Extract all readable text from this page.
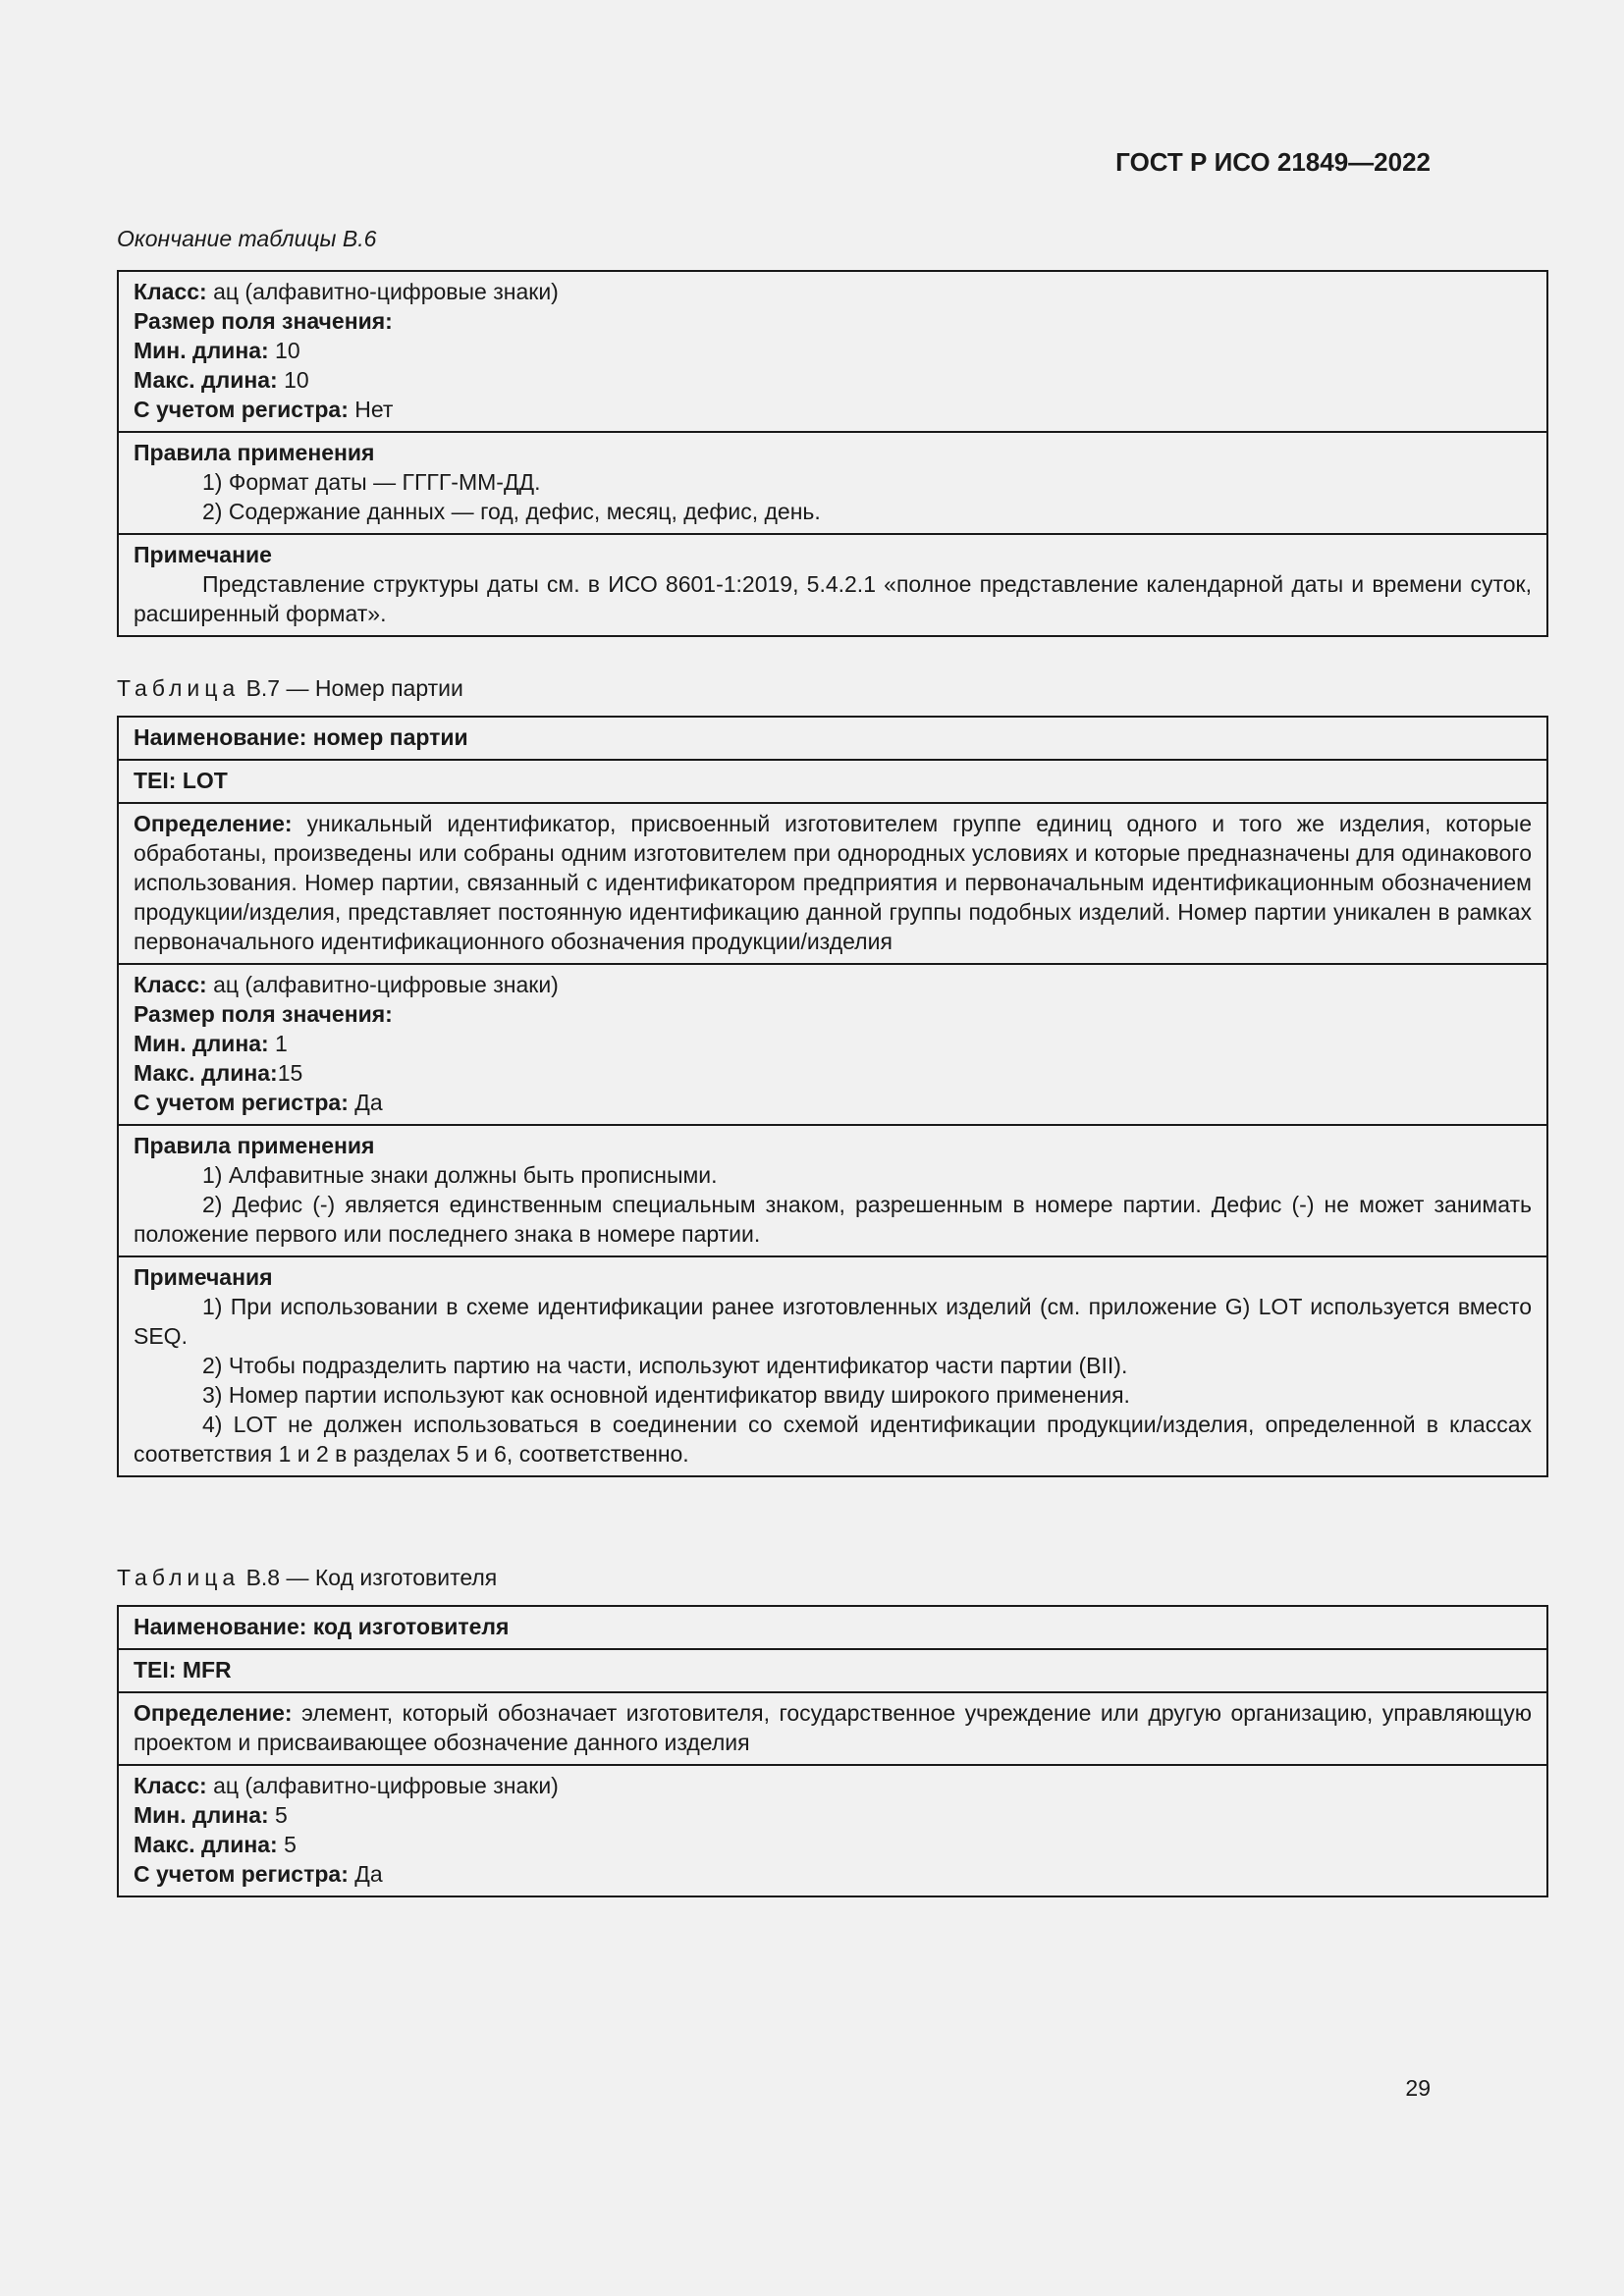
ГОСТ Р ИСО 21849—2022
Окончание таблицы В.6
Класс: ац (алфавитно-цифровые знаки)
Размер поля значения:
Мин. длина: 10
Макс. длина: 10
С учетом регистра: Нет
Правила применения
1) Формат даты — ГГГГ-ММ-ДД.
2) Содержание данных — год, дефис, месяц, дефис, день.
Примечание
Представление структуры даты см. в ИСО 8601-1:2019, 5.4.2.1 «полное представление календарной даты и времени суток, расширенный формат».
Таблица В.7 — Номер партии
Наименование: номер партии
TEI: LOT
Определение: уникальный идентификатор, присвоенный изготовителем группе единиц одного и того же изделия, которые обработаны, произведены или собраны одним изготовителем при однородных условиях и которые предназначены для одинакового использования. Номер партии, связанный с идентификатором предприятия и первоначальным идентификационным обозначением продукции/изделия, представляет постоянную идентификацию данной группы подобных изделий. Номер партии уникален в рамках первоначального идентификационного обозначения продукции/изделия
Класс: ац (алфавитно-цифровые знаки)
Размер поля значения:
Мин. длина: 1
Макс. длина:15
С учетом регистра: Да
Правила применения
1) Алфавитные знаки должны быть прописными.
2) Дефис (-) является единственным специальным знаком, разрешенным в номере партии. Дефис (-) не может занимать положение первого или последнего знака в номере партии.
Примечания
1) При использовании в схеме идентификации ранее изготовленных изделий (см. приложение G) LOT используется вместо SEQ.
2) Чтобы подразделить партию на части, используют идентификатор части партии (BII).
3) Номер партии используют как основной идентификатор ввиду широкого применения.
4) LOT не должен использоваться в соединении со схемой идентификации продукции/изделия, определенной в классах соответствия 1 и 2 в разделах 5 и 6, соответственно.
Таблица В.8 — Код изготовителя
Наименование: код изготовителя
TEI: MFR
Определение: элемент, который обозначает изготовителя, государственное учреждение или другую организацию, управляющую проектом и присваивающее обозначение данного изделия
Класс: ац (алфавитно-цифровые знаки)
Мин. длина: 5
Макс. длина: 5
С учетом регистра: Да
29
